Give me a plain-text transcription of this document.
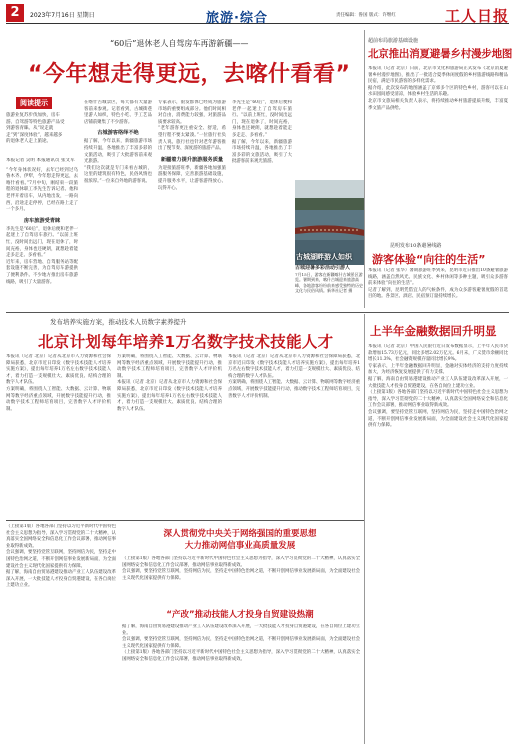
2	2023年7月16日 星期日	旅游·综合	责任编辑：鲁国 版式：许继红	工人日报
“60后”退休老人自驾房车再游新疆——
“今年想走得更远，去喀什看看”
阅读提示
旅游业复苏步伐加快，房车游、自驾游等特色旅游产品受到游客青睐。从“说走就走”到“深度体验”，越来越多的退休老人走上旅途。
本报记者 吴明 本报通讯员 张文军

“今年身体状况好，去年已经到过乌鲁木齐、伊犁，今年想走得更远，去喀什看看。”7月中旬，刚结束一段旅程的退休职工李先生告诉记者。他和老伴开着房车，从内地出发，一路向西，沿途走走停停，已经在路上走了一个多月。

房车旅游受青睐

李先生是“60后”，退休后便和老伴一起迷上了自驾房车旅行。“以前上班忙，没时间出远门，现在退休了，时间充裕，身体也还硬朗，就想趁着能走多走走、多看看。”

近年来，房车营地、自驾服务站等配套设施不断完善，为自驾房车游提供了便利条件。不少地方推出房车旅游线路，吸引了大量游客。

在喀什古城景区，每天都有大量游客前来参观。记者看到，古城街巷里游人如织，特色小吃、手工艺品店铺前聚集了不少游客。

古城游客络绎不绝

据了解，今年以来，新疆旅游市场持续升温，各地推出了丰富多彩的文旅活动，吸引了大批游客前来观光旅游。

“我们这次就是专门来看古城的，这里的建筑很有特色，民俗风情也很浓厚。”一位来自外地的游客说。

专家表示，银发群体已经成为旅游市场的重要组成部分。他们时间相对自由，消费能力较强，对旅游品质要求较高。

“老年游客更注重安全、舒适，希望行程不要太紧凑。”一位旅行社负责人说。旅行社也针对老年游客推出了慢节奏、深度游的旅游产品。

新疆着力提升旅游服务质量

为迎接旅游旺季，新疆各地加强旅游服务保障，完善旅游基础设施，提升服务水平，让游客游得放心、玩得开心。

李先生是“60后”，退休后便和老伴一起迷上了自驾房车旅行。“以前上班忙，没时间出远门，现在退休了，时间充裕，身体也还硬朗，就想趁着能走多走走、多看看。”

据了解，今年以来，新疆旅游市场持续升温，各地推出了丰富多彩的文旅活动，吸引了大批游客前来观光旅游。

古城湖畔游人如织
古城迎暑多彩活动引游人
7月15日，游客在新疆喀什古城景区游览。暑期到来，喀什古城迎来旅游高峰，各地游客纷纷前来感受独特的历史文化与民俗风情。新华社记者 摄
超前布局旅游基础设施
北京推出消夏避暑乡村漫步地图

本报讯（记者 北京）日前，北京市文化和旅游局正式发布《北京消夏避暑乡村漫步地图》，推出了一批适合夏季休闲度假的乡村旅游线路和精品民宿，满足市民游客的多样化需求。

据介绍，此次发布的地图涵盖了京郊多个区的特色乡村，游客可以在山水田园间感受清凉，体验乡村生活的乐趣。

北京市文旅局相关负责人表示，将持续推动乡村旅游提质升级，丰富夏季文旅产品供给。

昆明发布10条避暑线路
游客体验“向往的生活”

本报讯（记者 张华）暑期旅游旺季到来，昆明市近日推出10条避暑旅游线路，涵盖自然风光、民族文化、乡村休闲等多种主题，吸引众多游客前来体验“向往的生活”。

记者了解到，昆明凭借宜人的气候条件，成为众多游客避暑度假的首选目的地。各景区、酒店、民宿预订量持续增长。

发布培养实施方案，推动技术人员数字素养提升
北京计划每年培养1万名数字技术技能人才

本报讯（记者 北京）记者从北京市人力资源和社会保障局获悉，北京市近日印发《数字技术技能人才培养实施方案》，提出每年培养1万名左右数字技术技能人才，着力打造一支规模壮大、素质优良、结构合理的数字人才队伍。

方案明确，将围绕人工智能、大数据、云计算、物联网等数字经济重点领域，开展数字技能提升行动，推动数字技术工程师培育项目，完善数字人才评价机制。

方案明确，将围绕人工智能、大数据、云计算、物联网等数字经济重点领域，开展数字技能提升行动，推动数字技术工程师培育项目，完善数字人才评价机制。

本报讯（记者 北京）记者从北京市人力资源和社会保障局获悉，北京市近日印发《数字技术技能人才培养实施方案》，提出每年培养1万名左右数字技术技能人才，着力打造一支规模壮大、素质优良、结构合理的数字人才队伍。

本报讯（记者 北京）记者从北京市人力资源和社会保障局获悉，北京市近日印发《数字技术技能人才培养实施方案》，提出每年培养1万名左右数字技术技能人才，着力打造一支规模壮大、素质优良、结构合理的数字人才队伍。

方案明确，将围绕人工智能、大数据、云计算、物联网等数字经济重点领域，开展数字技能提升行动，推动数字技术工程师培育项目，完善数字人才评价机制。

上半年金融数据回升明显

本报讯（记者 北京）中国人民银行近日发布数据显示，上半年人民币贷款增加15.73万亿元，同比多增2.02万亿元。6月末，广义货币余额同比增长11.3%，社会融资规模存量同比增长9%。

专家表示，上半年金融数据回升明显，金融对实体经济的支持力度持续加大，为经济恢复发展提供了有力支撑。

据了解，海南自由贸易港建设推动产业工人队伍建设改革深入开展，一大批技能人才投身自贸港建设，在各自岗位上建功立业。

（上接第1版）各地各部门坚持以习近平新时代中国特色社会主义思想为指导，深入学习贯彻党的二十大精神，认真落实全国网络安全和信息化工作会议部署，推动网信事业取得新成效。

会议强调，要坚持党管互联网，坚持网信为民，坚持走中国特色治网之道，不断开创网信事业发展新局面，为全面建设社会主义现代化国家提供有力保障。

（上接第1版）各地各部门坚持以习近平新时代中国特色社会主义思想为指导，深入学习贯彻党的二十大精神，认真落实全国网络安全和信息化工作会议部署，推动网信事业取得新成效。

会议强调，要坚持党管互联网，坚持网信为民，坚持走中国特色治网之道，不断开创网信事业发展新局面，为全面建设社会主义现代化国家提供有力保障。

据了解，海南自由贸易港建设推动产业工人队伍建设改革深入开展，一大批技能人才投身自贸港建设，在各自岗位上建功立业。

深人贯彻党中央关于网络强国的重要思想
大力推动网信事业高质量发展

（上接第1版）各地各部门坚持以习近平新时代中国特色社会主义思想为指导，深入学习贯彻党的二十大精神，认真落实全国网络安全和信息化工作会议部署，推动网信事业取得新成效。

会议强调，要坚持党管互联网，坚持网信为民，坚持走中国特色治网之道，不断开创网信事业发展新局面，为全面建设社会主义现代化国家提供有力保障。

“产改”推动技能人才投身自贸建设热潮

据了解，海南自由贸易港建设推动产业工人队伍建设改革深入开展，一大批技能人才投身自贸港建设，在各自岗位上建功立业。

会议强调，要坚持党管互联网，坚持网信为民，坚持走中国特色治网之道，不断开创网信事业发展新局面，为全面建设社会主义现代化国家提供有力保障。

（上接第1版）各地各部门坚持以习近平新时代中国特色社会主义思想为指导，深入学习贯彻党的二十大精神，认真落实全国网络安全和信息化工作会议部署，推动网信事业取得新成效。
